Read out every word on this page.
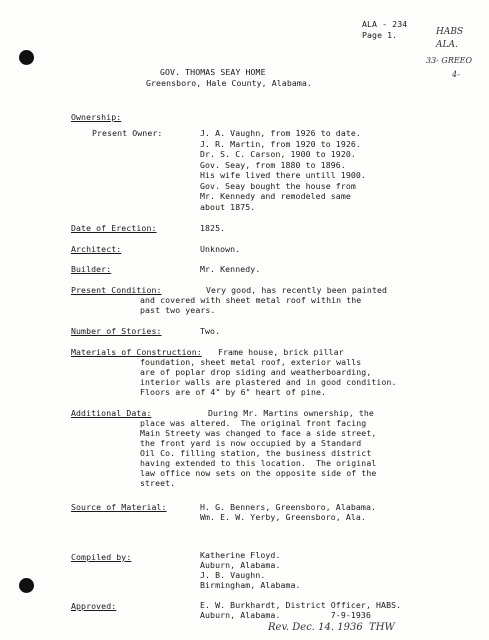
ALA - 234
Page 1.	HABS
ALA.
33- GREEO
4-
GOV. THOMAS SEAY HOME
Greensboro, Hale County, Alabama.
Ownership:
Present Owner:	J. A. Vaughn, from 1926 to date.
J. R. Martin, from 1920 to 1926.
Dr. S. C. Carson, 1900 to 1920.
Gov. Seay, from 1880 to 1896.
His wife lived there untill 1900.
Gov. Seay bought the house from
Mr. Kennedy and remodeled same
about 1875.
Date of Erection:	1825.
Architect:	Unknown.
Builder:	Mr. Kennedy.
Present Condition:	Very good, has recently been painted
and covered with sheet metal roof within the
past two years.
Number of Stories:	Two.
Materials of Construction: Frame house, brick pillar
foundation, sheet metal roof, exterior walls
are of poplar drop siding and weatherboarding,
interior walls are plastered and in good condition.
Floors are of 4" by 6" heart of pine.
Additional Data:	During Mr. Martins ownership, the
place was altered.  The original front facing
Main Streety was changed to face a side street,
the front yard is now occupied by a Standard
Oil Co. filling station, the business district
having extended to this location.  The original
law office now sets on the opposite side of the
street.
Source of Material:	H. G. Benners, Greensboro, Alabama.
Wm. E. W. Yerby, Greensboro, Ala.
Compiled by:	Katherine Floyd.
Auburn, Alabama.
J. B. Vaughn.
Birmingham, Alabama.
Approved:	E. W. Burkhardt, District Officer, HABS.
Auburn, Alabama.          7-9-1936
Rev. Dec. 14. 1936  THW
